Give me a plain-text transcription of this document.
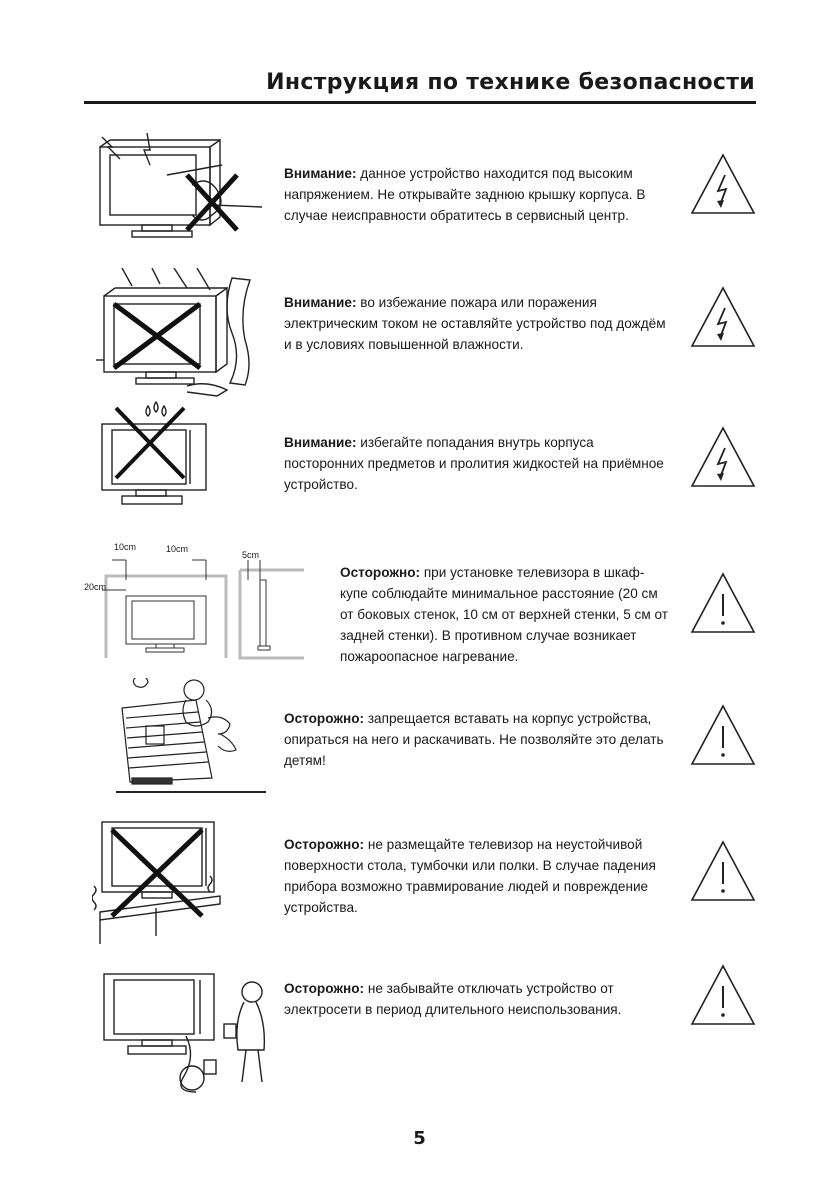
Инструкция по технике безопасности
Внимание: данное устройство находится под высоким напряжением. Не открывайте заднюю крышку корпуса. В случае неисправности обратитесь в сервисный центр.
Внимание: во избежание пожара или поражения электрическим током не оставляйте устройство под дождём и в условиях повышенной влажности.
Внимание: избегайте попадания внутрь корпуса посторонних предметов и пролития жидкостей на приёмное устройство.
10cm	10cm
20cm
5cm
Осторожно: при установке телевизора в шкаф-купе соблюдайте минимальное расстояние (20 см от боковых стенок, 10 см от верхней стенки, 5 см от задней стенки). В противном случае возникает пожароопасное нагревание.
Осторожно: запрещается вставать на корпус устройства, опираться на него и раскачивать. Не позволяйте это делать детям!
Осторожно: не размещайте телевизор на неустойчивой поверхности стола, тумбочки или полки. В случае падения прибора возможно травмирование людей и повреждение устройства.
Осторожно: не забывайте отключать устройство от электросети в период длительного неиспользования.
5
